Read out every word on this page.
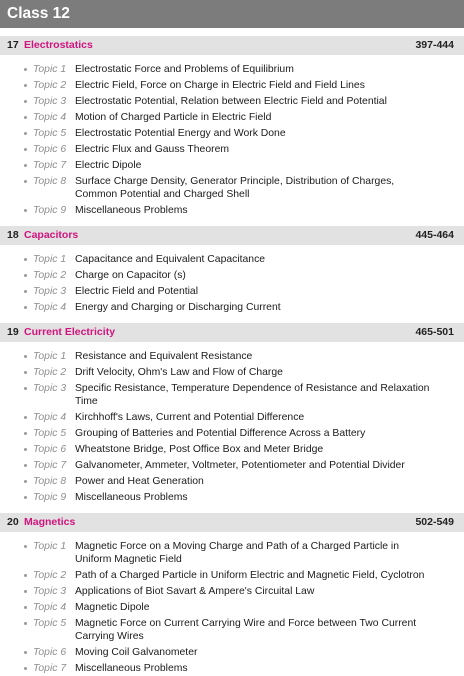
Class 12
17 Electrostatics	397-444
Topic 1 Electrostatic Force and Problems of Equilibrium
Topic 2 Electric Field, Force on Charge in Electric Field and Field Lines
Topic 3 Electrostatic Potential, Relation between Electric Field and Potential
Topic 4 Motion of Charged Particle in Electric Field
Topic 5 Electrostatic Potential Energy and Work Done
Topic 6 Electric Flux and Gauss Theorem
Topic 7 Electric Dipole
Topic 8 Surface Charge Density, Generator Principle, Distribution of Charges, Common Potential and Charged Shell
Topic 9 Miscellaneous Problems
18 Capacitors	445-464
Topic 1 Capacitance and Equivalent Capacitance
Topic 2 Charge on Capacitor (s)
Topic 3 Electric Field and Potential
Topic 4 Energy and Charging or Discharging Current
19 Current Electricity	465-501
Topic 1 Resistance and Equivalent Resistance
Topic 2 Drift Velocity, Ohm's Law and Flow of Charge
Topic 3 Specific Resistance, Temperature Dependence of Resistance and Relaxation Time
Topic 4 Kirchhoff's Laws, Current and Potential Difference
Topic 5 Grouping of Batteries and Potential Difference Across a Battery
Topic 6 Wheatstone Bridge, Post Office Box and Meter Bridge
Topic 7 Galvanometer, Ammeter, Voltmeter, Potentiometer and Potential Divider
Topic 8 Power and Heat Generation
Topic 9 Miscellaneous Problems
20 Magnetics	502-549
Topic 1 Magnetic Force on a Moving Charge and Path of a Charged Particle in Uniform Magnetic Field
Topic 2 Path of a Charged Particle in Uniform Electric and Magnetic Field, Cyclotron
Topic 3 Applications of Biot Savart & Ampere's Circuital Law
Topic 4 Magnetic Dipole
Topic 5 Magnetic Force on Current Carrying Wire and Force between Two Current Carrying Wires
Topic 6 Moving Coil Galvanometer
Topic 7 Miscellaneous Problems
